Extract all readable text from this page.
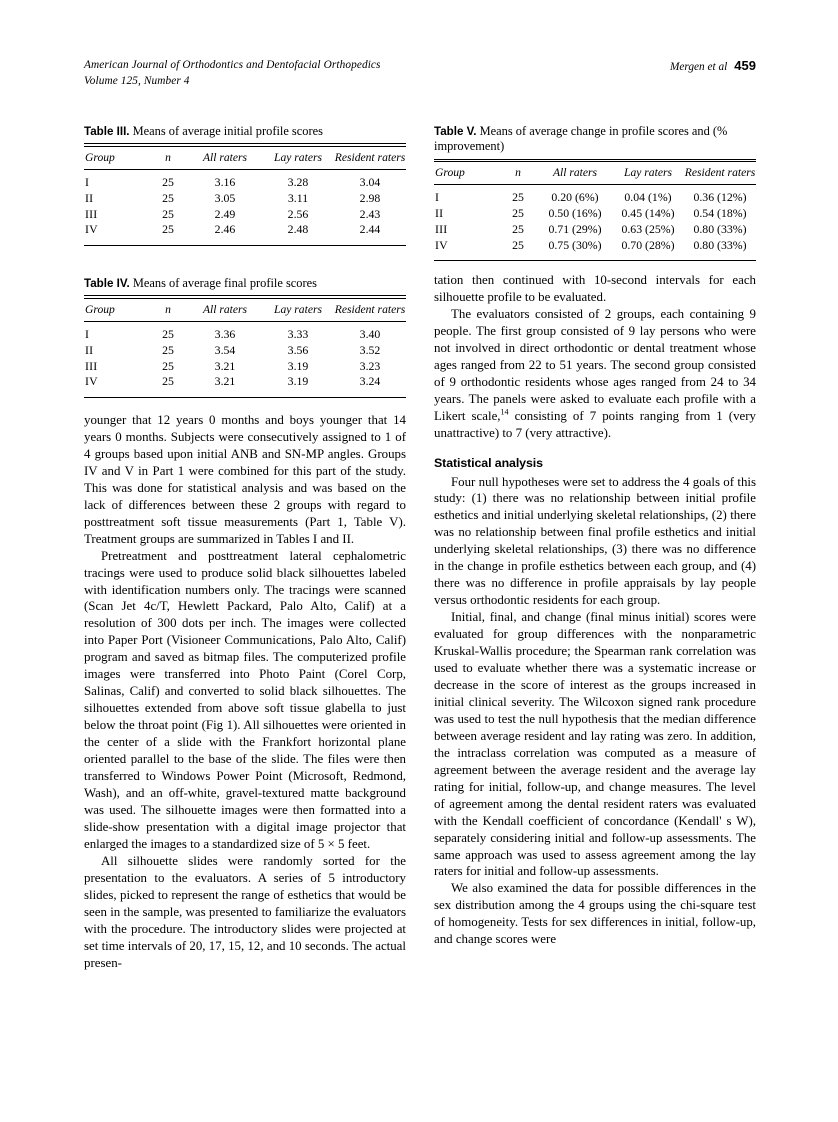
American Journal of Orthodontics and Dentofacial Orthopedics
Volume 125, Number 4
Mergen et al 459

Table III. Means of average initial profile scores

Group	n	All raters	Lay raters	Resident raters
I	25	3.16	3.28	3.04
II	25	3.05	3.11	2.98
III	25	2.49	2.56	2.43
IV	25	2.46	2.48	2.44

Table IV. Means of average final profile scores

Group	n	All raters	Lay raters	Resident raters
I	25	3.36	3.33	3.40
II	25	3.54	3.56	3.52
III	25	3.21	3.19	3.23
IV	25	3.21	3.19	3.24

Table V. Means of average change in profile scores and (% improvement)

Group	n	All raters	Lay raters	Resident raters
I	25	0.20 (6%)	0.04 (1%)	0.36 (12%)
II	25	0.50 (16%)	0.45 (14%)	0.54 (18%)
III	25	0.71 (29%)	0.63 (25%)	0.80 (33%)
IV	25	0.75 (30%)	0.70 (28%)	0.80 (33%)

younger that 12 years 0 months and boys younger that 14 years 0 months. Subjects were consecutively assigned to 1 of 4 groups based upon initial ANB and SN-MP angles. Groups IV and V in Part 1 were combined for this part of the study. This was done for statistical analysis and was based on the lack of differences between these 2 groups with regard to posttreatment soft tissue measurements (Part 1, Table V). Treatment groups are summarized in Tables I and II.

Pretreatment and posttreatment lateral cephalometric tracings were used to produce solid black silhouettes labeled with identification numbers only. The tracings were scanned (Scan Jet 4c/T, Hewlett Packard, Palo Alto, Calif) at a resolution of 300 dots per inch. The images were collected into Paper Port (Visioneer Communications, Palo Alto, Calif) program and saved as bitmap files. The computerized profile images were transferred into Photo Paint (Corel Corp, Salinas, Calif) and converted to solid black silhouettes. The silhouettes extended from above soft tissue glabella to just below the throat point (Fig 1). All silhouettes were oriented in the center of a slide with the Frankfort horizontal plane oriented parallel to the base of the slide. The files were then transferred to Windows Power Point (Microsoft, Redmond, Wash), and an off-white, gravel-textured matte background was used. The silhouette images were then formatted into a slide-show presentation with a digital image projector that enlarged the images to a standardized size of 5 × 5 feet.

All silhouette slides were randomly sorted for the presentation to the evaluators. A series of 5 introductory slides, picked to represent the range of esthetics that would be seen in the sample, was presented to familiarize the evaluators with the procedure. The introductory slides were projected at set time intervals of 20, 17, 15, 12, and 10 seconds. The actual presen-

tation then continued with 10-second intervals for each silhouette profile to be evaluated.

The evaluators consisted of 2 groups, each containing 9 people. The first group consisted of 9 lay persons who were not involved in direct orthodontic or dental treatment whose ages ranged from 22 to 51 years. The second group consisted of 9 orthodontic residents whose ages ranged from 24 to 34 years. The panels were asked to evaluate each profile with a Likert scale,$^{14}$ consisting of 7 points ranging from 1 (very unattractive) to 7 (very attractive).

Statistical analysis

Four null hypotheses were set to address the 4 goals of this study: (1) there was no relationship between initial profile esthetics and initial underlying skeletal relationships, (2) there was no relationship between final profile esthetics and initial underlying skeletal relationships, (3) there was no difference in the change in profile esthetics between each group, and (4) there was no difference in profile appraisals by lay people versus orthodontic residents for each group.

Initial, final, and change (final minus initial) scores were evaluated for group differences with the nonparametric Kruskal-Wallis procedure; the Spearman rank correlation was used to evaluate whether there was a systematic increase or decrease in the score of interest as the groups increased in initial clinical severity. The Wilcoxon signed rank procedure was used to test the null hypothesis that the median difference between average resident and lay rating was zero. In addition, the intraclass correlation was computed as a measure of agreement between the average resident and the average lay rating for initial, follow-up, and change measures. The level of agreement among the dental resident raters was evaluated with the Kendall coefficient of concordance (Kendall' s W), separately considering initial and follow-up assessments. The same approach was used to assess agreement among the lay raters for initial and follow-up assessments.

We also examined the data for possible differences in the sex distribution among the 4 groups using the chi-square test of homogeneity. Tests for sex differences in initial, follow-up, and change scores were
